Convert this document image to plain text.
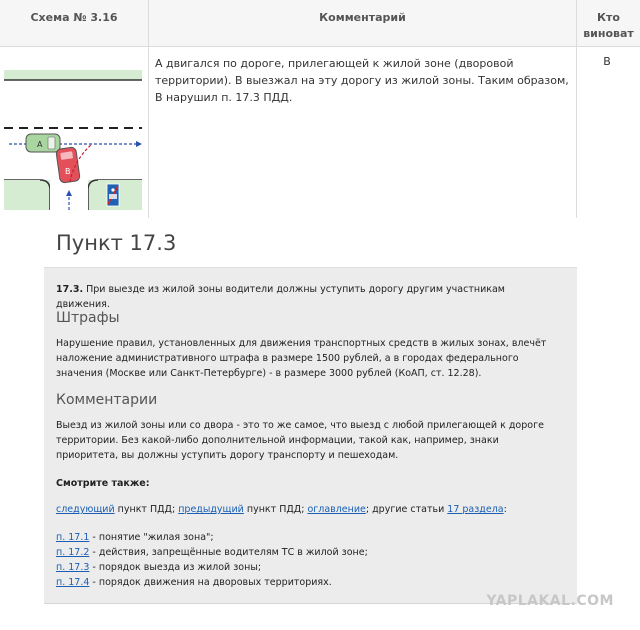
Схема № 3.16	Комментарий	Кто
виноват
А
В
А двигался по дороге, прилегающей к жилой зоне (дворовой территории). В выезжал на эту дорогу из жилой зоны. Таким образом, В нарушил п. 17.3 ПДД.
В
Пункт 17.3
17.3. При выезде из жилой зоны водители должны уступить дорогу другим участникам движения.
Штрафы
Нарушение правил, установленных для движения транспортных средств в жилых зонах, влечёт наложение административного штрафа в размере 1500 рублей, а в городах федерального значения (Москве или Санкт-Петербурге) - в размере 3000 рублей (КоАП, ст. 12.28).
Комментарии
Выезд из жилой зоны или со двора - это то же самое, что выезд с любой прилегающей к дороге территории. Без какой-либо дополнительной информации, такой как, например, знаки приоритета, вы должны уступить дорогу транспорту и пешеходам.
Смотрите также:
следующий пункт ПДД; предыдущий пункт ПДД; оглавление; другие статьи 17 раздела:
п. 17.1 - понятие "жилая зона";
п. 17.2 - действия, запрещённые водителям ТС в жилой зоне;
п. 17.3 - порядок выезда из жилой зоны;
п. 17.4 - порядок движения на дворовых территориях.
YAPLAKAL.COM
